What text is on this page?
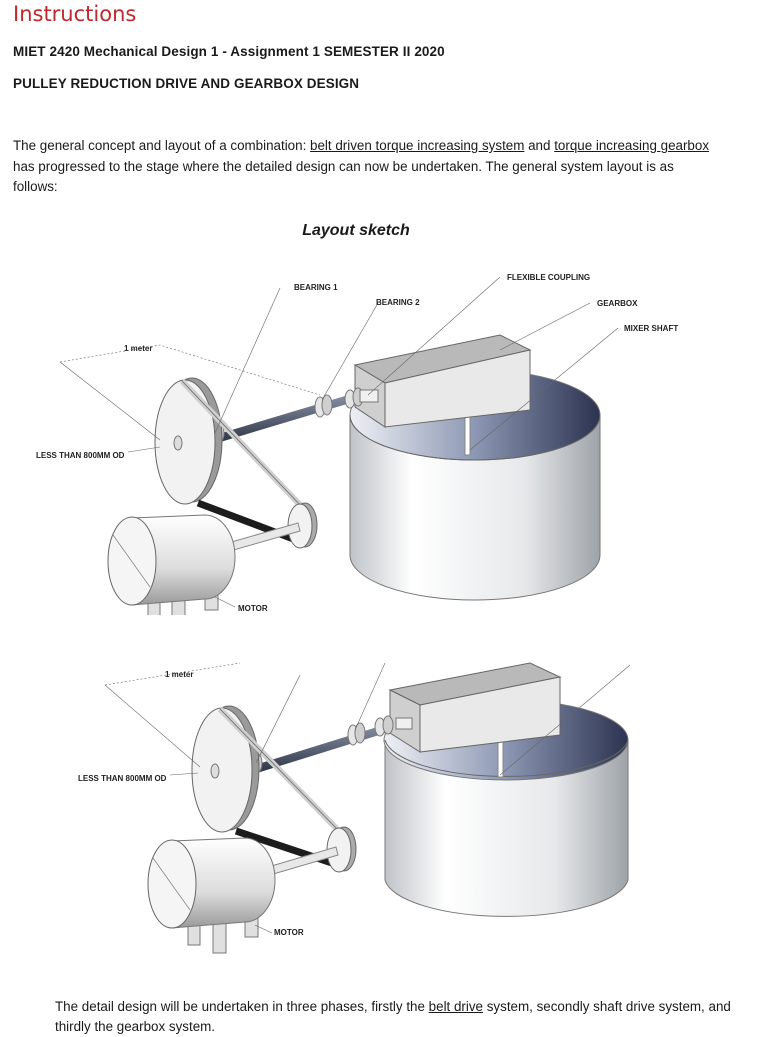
Instructions
MIET 2420 Mechanical Design 1 - Assignment 1 SEMESTER II 2020
PULLEY REDUCTION DRIVE AND GEARBOX DESIGN
The general concept and layout of a combination: belt driven torque increasing system and torque increasing gearbox has progressed to the stage where the detailed design can now be undertaken. The general system layout is as follows:
Layout sketch
BEARING 1
BEARING 2
FLEXIBLE COUPLING
GEARBOX
MIXER SHAFT
1 meter
LESS THAN 800MM OD
MOTOR
1 meter
LESS THAN 800MM OD
MOTOR
The detail design will be undertaken in three phases, firstly the belt drive system, secondly shaft drive system, and thirdly the gearbox system.
